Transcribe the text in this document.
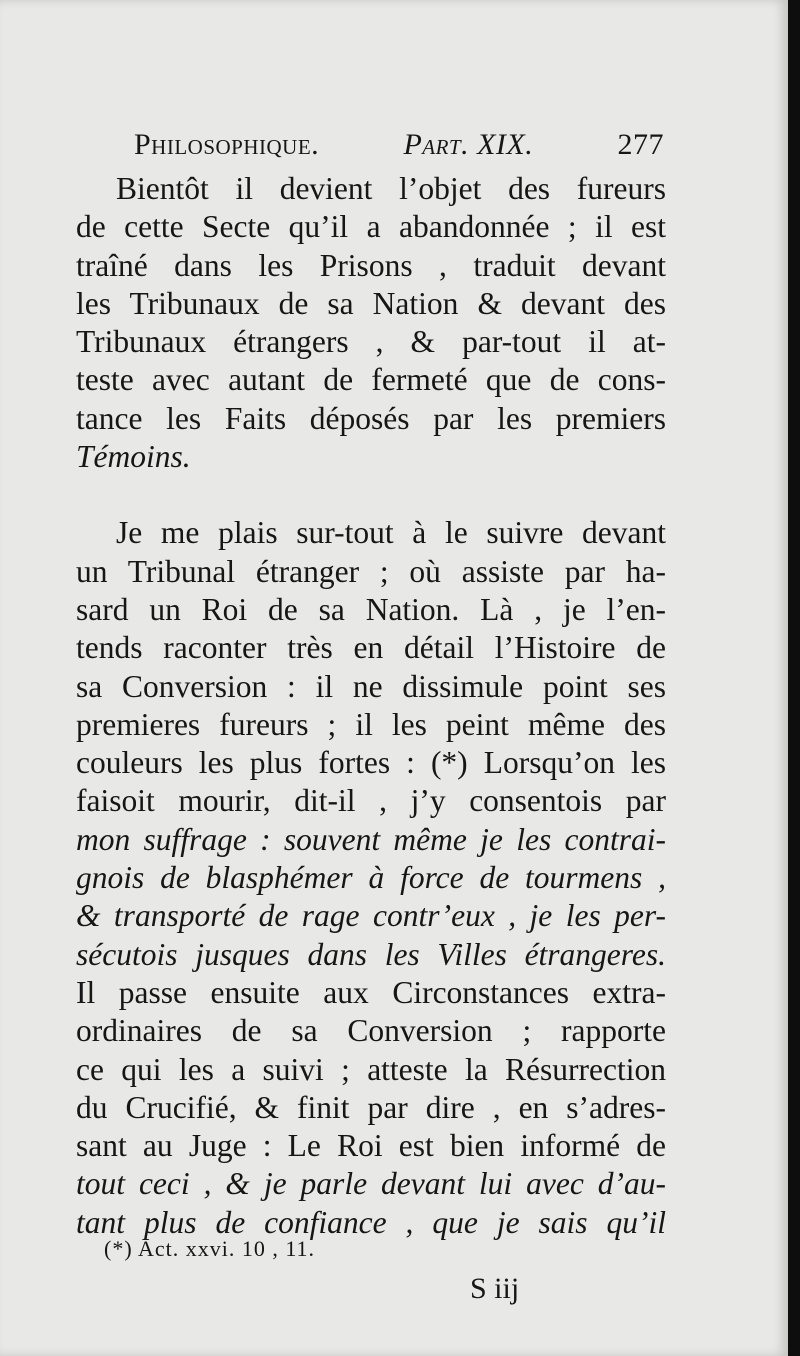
Philosophique.	Part. XIX.	277
Bientôt il devient l’objet des fureurs
de cette Secte qu’il a abandonnée ; il est
traîné dans les Prisons , traduit devant
les Tribunaux de sa Nation & devant des
Tribunaux étrangers , & par-tout il at-
teste avec autant de fermeté que de cons-
tance les Faits déposés par les premiers
Témoins.
Je me plais sur-tout à le suivre devant
un Tribunal étranger ; où assiste par ha-
sard un Roi de sa Nation. Là , je l’en-
tends raconter très en détail l’Histoire de
sa Conversion : il ne dissimule point ses
premieres fureurs ; il les peint même des
couleurs les plus fortes : (*) Lorsqu’on les
faisoit mourir, dit-il , j’y consentois par
mon suffrage : souvent même je les contrai-
gnois de blasphémer à force de tourmens ,
& transporté de rage contr’eux , je les per-
sécutois jusques dans les Villes étrangeres.
Il passe ensuite aux Circonstances extra-
ordinaires de sa Conversion ; rapporte
ce qui les a suivi ; atteste la Résurrection
du Crucifié, & finit par dire , en s’adres-
sant au Juge : Le Roi est bien informé de
tout ceci , & je parle devant lui avec d’au-
tant plus de confiance , que je sais qu’il
(*) Act. xxvi. 10 , 11.
S iij
